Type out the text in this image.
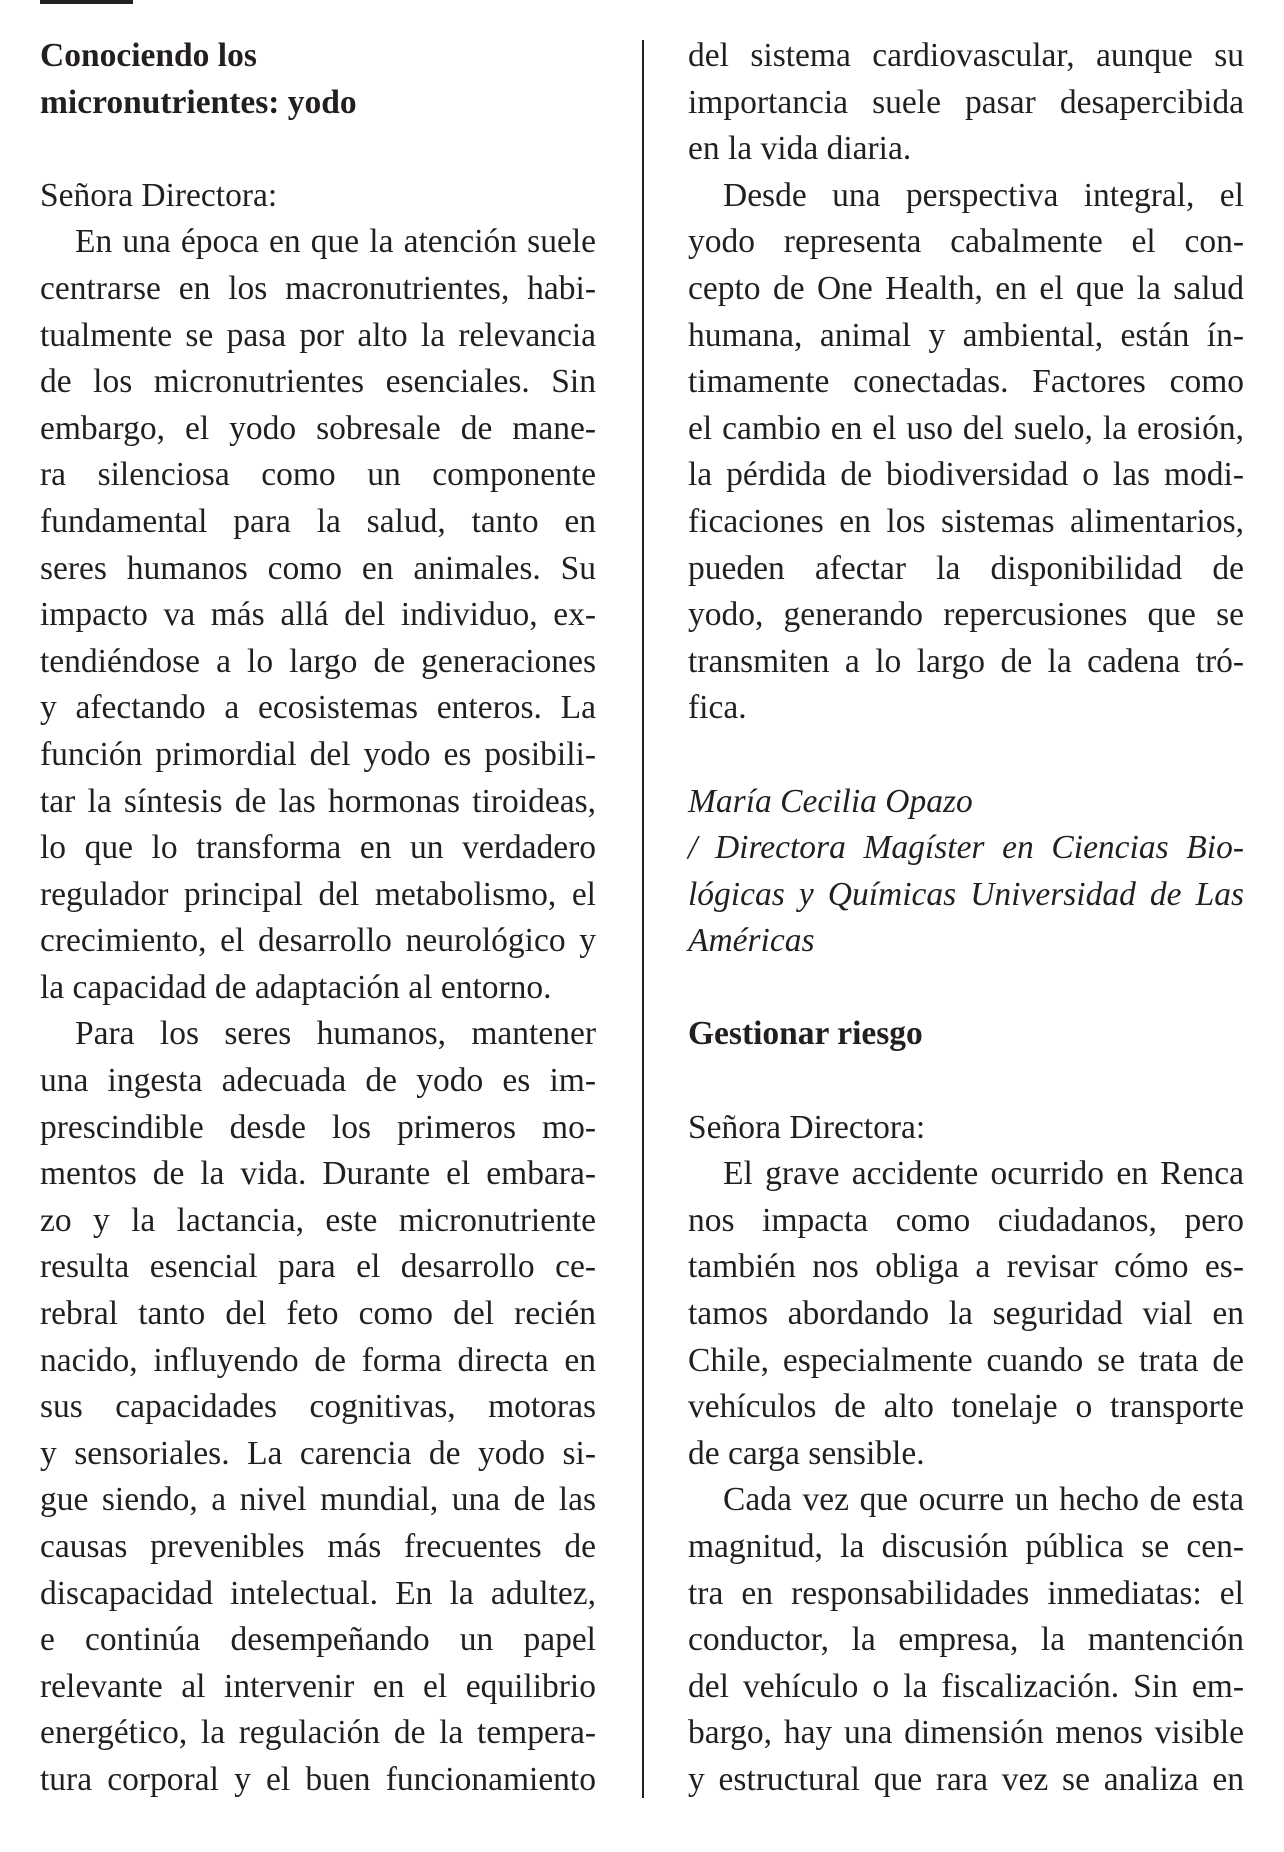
Conociendo los
micronutrientes: yodo
Señora Directora:
En una época en que la atención suele
centrarse en los macronutrientes, habi-
tualmente se pasa por alto la relevancia
de los micronutrientes esenciales. Sin
embargo, el yodo sobresale de mane-
ra silenciosa como un componente
fundamental para la salud, tanto en
seres humanos como en animales. Su
impacto va más allá del individuo, ex-
tendiéndose a lo largo de generaciones
y afectando a ecosistemas enteros. La
función primordial del yodo es posibili-
tar la síntesis de las hormonas tiroideas,
lo que lo transforma en un verdadero
regulador principal del metabolismo, el
crecimiento, el desarrollo neurológico y
la capacidad de adaptación al entorno.
Para los seres humanos, mantener
una ingesta adecuada de yodo es im-
prescindible desde los primeros mo-
mentos de la vida. Durante el embara-
zo y la lactancia, este micronutriente
resulta esencial para el desarrollo ce-
rebral tanto del feto como del recién
nacido, influyendo de forma directa en
sus capacidades cognitivas, motoras
y sensoriales. La carencia de yodo si-
gue siendo, a nivel mundial, una de las
causas prevenibles más frecuentes de
discapacidad intelectual. En la adultez,
e continúa desempeñando un papel
relevante al intervenir en el equilibrio
energético, la regulación de la tempera-
tura corporal y el buen funcionamiento
del sistema cardiovascular, aunque su
importancia suele pasar desapercibida
en la vida diaria.
Desde una perspectiva integral, el
yodo representa cabalmente el con-
cepto de One Health, en el que la salud
humana, animal y ambiental, están ín-
timamente conectadas. Factores como
el cambio en el uso del suelo, la erosión,
la pérdida de biodiversidad o las modi-
ficaciones en los sistemas alimentarios,
pueden afectar la disponibilidad de
yodo, generando repercusiones que se
transmiten a lo largo de la cadena tró-
fica.
María Cecilia Opazo
/ Directora Magíster en Ciencias Bio-
lógicas y Químicas Universidad de Las
Américas
Gestionar riesgo
Señora Directora:
El grave accidente ocurrido en Renca
nos impacta como ciudadanos, pero
también nos obliga a revisar cómo es-
tamos abordando la seguridad vial en
Chile, especialmente cuando se trata de
vehículos de alto tonelaje o transporte
de carga sensible.
Cada vez que ocurre un hecho de esta
magnitud, la discusión pública se cen-
tra en responsabilidades inmediatas: el
conductor, la empresa, la mantención
del vehículo o la fiscalización. Sin em-
bargo, hay una dimensión menos visible
y estructural que rara vez se analiza en
